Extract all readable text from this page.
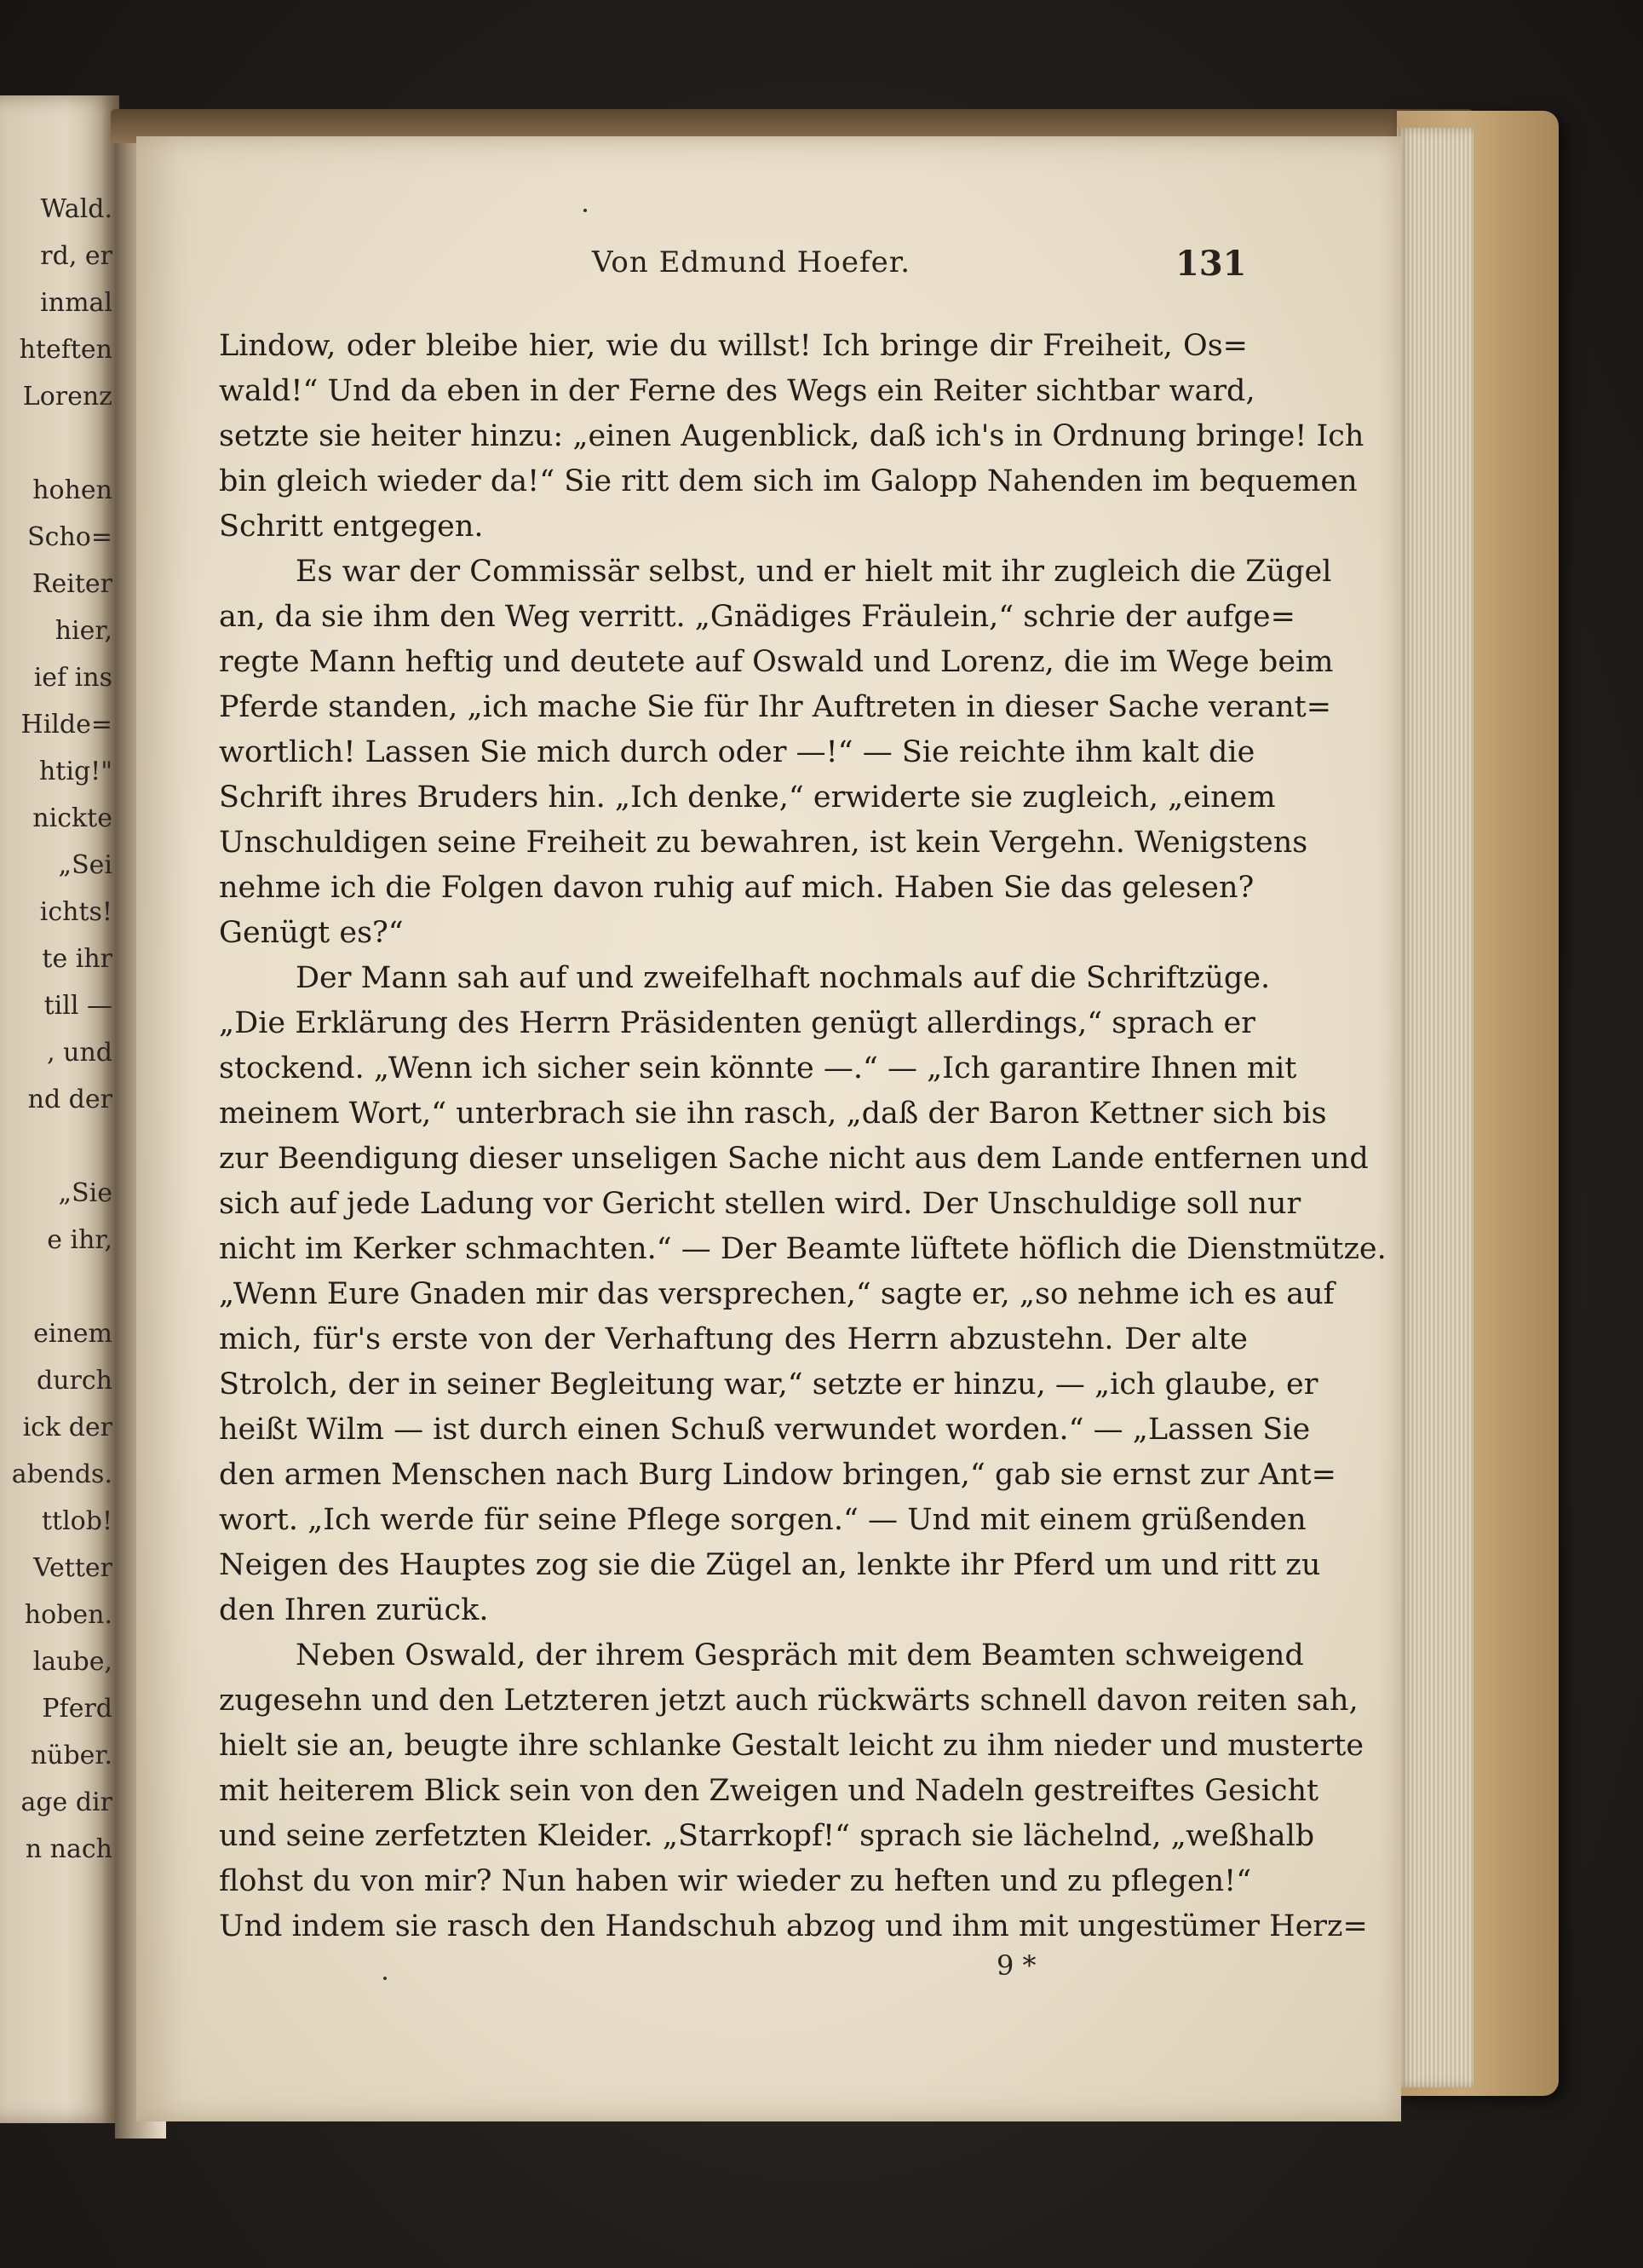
Wald.
rd, er
inmal
hteften
Lorenz
hohen
Scho=
Reiter
hier,
ief ins
Hilde=
htig!"
nickte
„Sei
ichts!
te ihr
till —
, und
nd der
„Sie
e ihr,
einem
durch
ick der
abends.
ttlob!
Vetter
hoben.
laube,
Pferd
nüber.
age dir
n nach
Von Edmund Hoefer.	131
Lindow, oder bleibe hier, wie du willst! Ich bringe dir Freiheit, Os=
wald!“ Und da eben in der Ferne des Wegs ein Reiter sichtbar ward,
setzte sie heiter hinzu: „einen Augenblick, daß ich's in Ordnung bringe! Ich
bin gleich wieder da!“ Sie ritt dem sich im Galopp Nahenden im bequemen
Schritt entgegen.
Es war der Commissär selbst, und er hielt mit ihr zugleich die Zügel
an, da sie ihm den Weg verritt. „Gnädiges Fräulein,“ schrie der aufge=
regte Mann heftig und deutete auf Oswald und Lorenz, die im Wege beim
Pferde standen, „ich mache Sie für Ihr Auftreten in dieser Sache verant=
wortlich! Lassen Sie mich durch oder —!“ — Sie reichte ihm kalt die
Schrift ihres Bruders hin. „Ich denke,“ erwiderte sie zugleich, „einem
Unschuldigen seine Freiheit zu bewahren, ist kein Vergehn. Wenigstens
nehme ich die Folgen davon ruhig auf mich. Haben Sie das gelesen?
Genügt es?“
Der Mann sah auf und zweifelhaft nochmals auf die Schriftzüge.
„Die Erklärung des Herrn Präsidenten genügt allerdings,“ sprach er
stockend. „Wenn ich sicher sein könnte —.“ — „Ich garantire Ihnen mit
meinem Wort,“ unterbrach sie ihn rasch, „daß der Baron Kettner sich bis
zur Beendigung dieser unseligen Sache nicht aus dem Lande entfernen und
sich auf jede Ladung vor Gericht stellen wird. Der Unschuldige soll nur
nicht im Kerker schmachten.“ — Der Beamte lüftete höflich die Dienstmütze.
„Wenn Eure Gnaden mir das versprechen,“ sagte er, „so nehme ich es auf
mich, für's erste von der Verhaftung des Herrn abzustehn. Der alte
Strolch, der in seiner Begleitung war,“ setzte er hinzu, — „ich glaube, er
heißt Wilm — ist durch einen Schuß verwundet worden.“ — „Lassen Sie
den armen Menschen nach Burg Lindow bringen,“ gab sie ernst zur Ant=
wort. „Ich werde für seine Pflege sorgen.“ — Und mit einem grüßenden
Neigen des Hauptes zog sie die Zügel an, lenkte ihr Pferd um und ritt zu
den Ihren zurück.
Neben Oswald, der ihrem Gespräch mit dem Beamten schweigend
zugesehn und den Letzteren jetzt auch rückwärts schnell davon reiten sah,
hielt sie an, beugte ihre schlanke Gestalt leicht zu ihm nieder und musterte
mit heiterem Blick sein von den Zweigen und Nadeln gestreiftes Gesicht
und seine zerfetzten Kleider. „Starrkopf!“ sprach sie lächelnd, „weßhalb
flohst du von mir? Nun haben wir wieder zu heften und zu pflegen!“
Und indem sie rasch den Handschuh abzog und ihm mit ungestümer Herz=
9 *
